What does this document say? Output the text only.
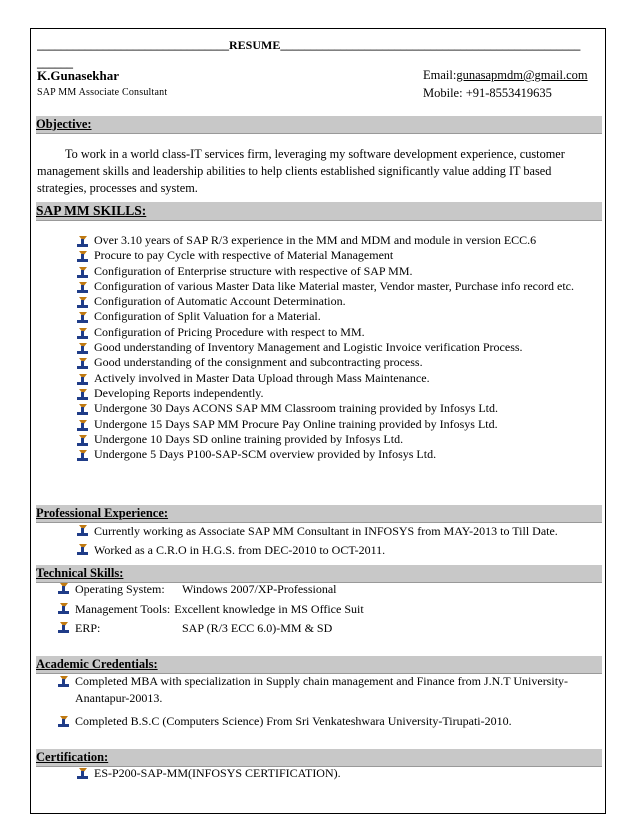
________________________________RESUME__________________________________________________
______
K.Gunasekhar
SAP MM Associate Consultant
Email:gunasapmdm@gmail.com
Mobile: +91-8553419635
Objective:
To work in a world class-IT services firm, leveraging my software development experience, customer management skills and leadership abilities to help clients established significantly value adding IT based strategies, processes and system.
SAP MM SKILLS:
Over 3.10 years of SAP R/3 experience in the MM and MDM and module in version ECC.6
Procure to pay Cycle with respective of Material Management
Configuration of Enterprise structure with respective of SAP MM.
Configuration of various Master Data like Material master, Vendor master, Purchase info record etc.
Configuration of Automatic Account Determination.
Configuration of Split Valuation for a Material.
Configuration of Pricing Procedure with respect to MM.
Good understanding of Inventory Management and Logistic Invoice verification Process.
Good understanding of the consignment and subcontracting process.
Actively involved in Master Data Upload through Mass Maintenance.
Developing Reports independently.
Undergone 30 Days ACONS SAP MM Classroom training provided by Infosys Ltd.
Undergone 15 Days SAP MM Procure Pay Online training provided by Infosys Ltd.
Undergone 10 Days SD online training provided by Infosys Ltd.
Undergone 5 Days P100-SAP-SCM overview provided by Infosys Ltd.
Professional Experience:
Currently working as Associate SAP MM Consultant in INFOSYS from MAY-2013 to Till Date.
Worked as a C.R.O in H.G.S. from DEC-2010 to OCT-2011.
Technical Skills:
Operating System: Windows 2007/XP-Professional
Management Tools: Excellent knowledge in MS Office Suit
ERP:	SAP (R/3 ECC 6.0)-MM & SD
Academic Credentials:
Completed MBA with specialization in Supply chain management and Finance from J.N.T University-
Anantapur-20013.
Completed B.S.C (Computers Science) From Sri Venkateshwara University-Tirupati-2010.
Certification:
ES-P200-SAP-MM(INFOSYS CERTIFICATION).
